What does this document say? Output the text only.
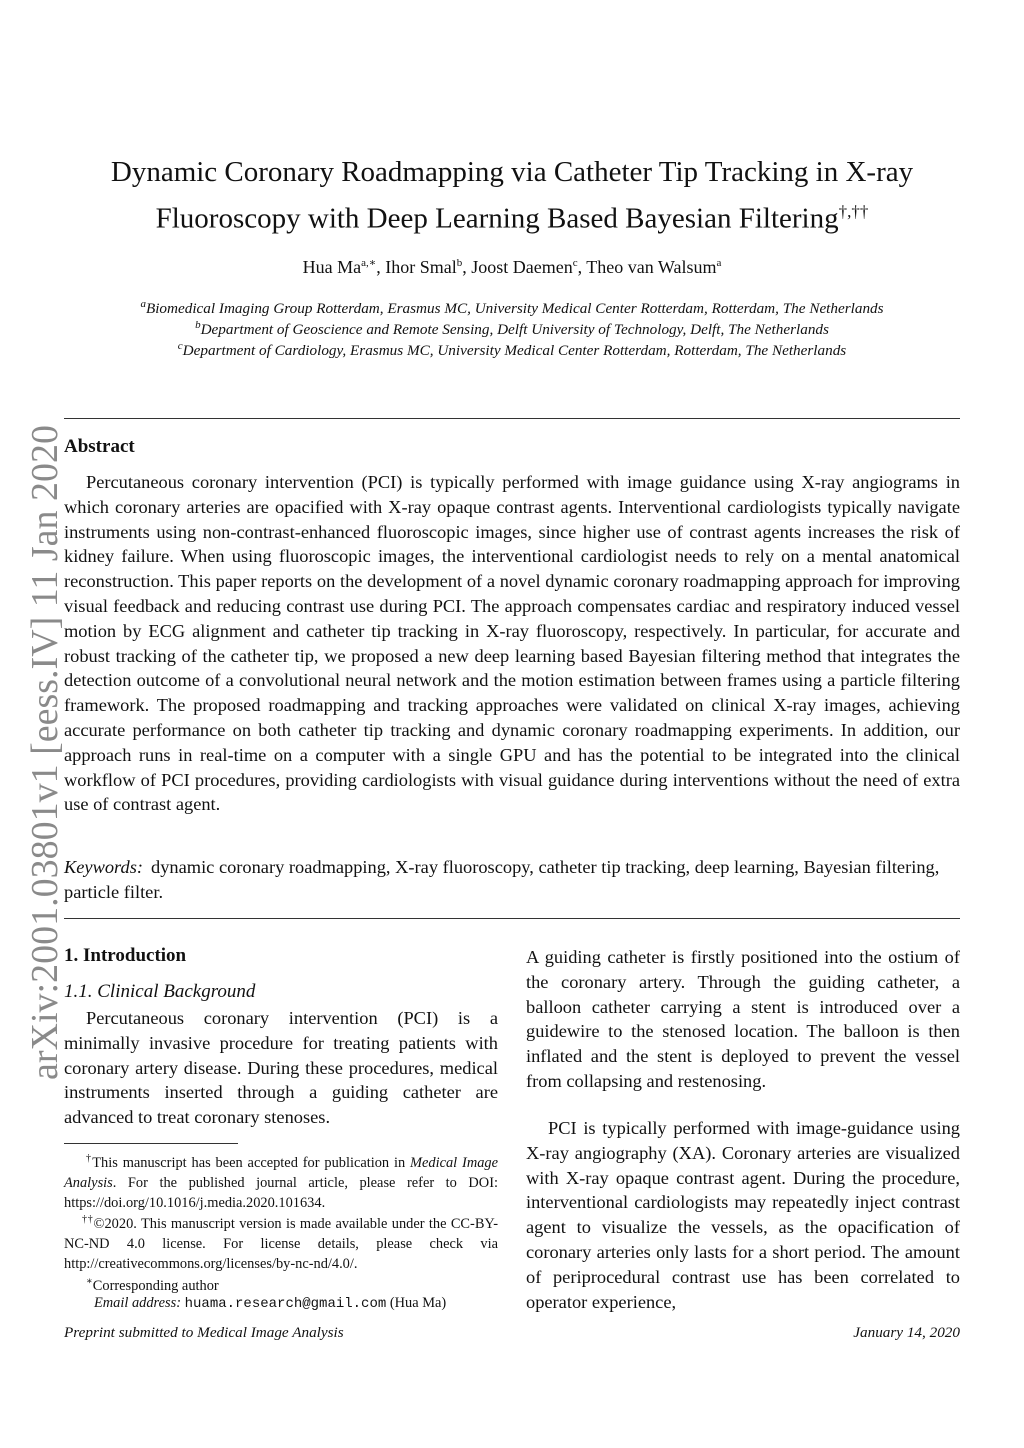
arXiv:2001.03801v1 [eess.IV] 11 Jan 2020
Dynamic Coronary Roadmapping via Catheter Tip Tracking in X-ray
Fluoroscopy with Deep Learning Based Bayesian Filtering†,††
Hua $Ma^{a,∗}$, Ihor Smal$^b$, Joost Daemen$^c$, Theo van Walsum$^a$
$^a$Biomedical Imaging Group Rotterdam, Erasmus MC, University Medical Center Rotterdam, Rotterdam, The Netherlands
$^b$Department of Geoscience and Remote Sensing, Delft University of Technology, Delft, The Netherlands
$^c$Department of Cardiology, Erasmus MC, University Medical Center Rotterdam, Rotterdam, The Netherlands
Abstract

Percutaneous coronary intervention (PCI) is typically performed with image guidance using X-ray angiograms in which coronary arteries are opacified with X-ray opaque contrast agents. Interventional cardiologists typically navigate instruments using non-contrast-enhanced fluoroscopic images, since higher use of contrast agents increases the risk of kidney failure. When using fluoroscopic images, the interventional cardiologist needs to rely on a mental anatomical reconstruction. This paper reports on the development of a novel dynamic coronary roadmapping approach for improving visual feedback and reducing contrast use during PCI. The approach compensates cardiac and respiratory induced vessel motion by ECG alignment and catheter tip tracking in X-ray fluoroscopy, respectively. In particular, for accurate and robust tracking of the catheter tip, we proposed a new deep learning based Bayesian filtering method that integrates the detection outcome of a convolutional neural network and the motion estimation between frames using a particle filtering framework. The proposed roadmapping and tracking approaches were validated on clinical X-ray images, achieving accurate performance on both catheter tip tracking and dynamic coronary roadmapping experiments. In addition, our approach runs in real-time on a computer with a single GPU and has the potential to be integrated into the clinical workflow of PCI procedures, providing cardiologists with visual guidance during interventions without the need of extra use of contrast agent.

Keywords: dynamic coronary roadmapping, X-ray fluoroscopy, catheter tip tracking, deep learning, Bayesian filtering, particle filter.

1. Introduction
1.1. Clinical Background

Percutaneous coronary intervention (PCI) is a minimally invasive procedure for treating patients with coronary artery disease. During these procedures, medical instruments inserted through a guiding catheter are advanced to treat coronary stenoses.

†This manuscript has been accepted for publication in Medical Image Analysis. For the published journal article, please refer to DOI: https://doi.org/10.1016/j.media.2020.101634.

††©2020. This manuscript version is made available under the CC-BY-NC-ND 4.0 license. For license details, please check via http://creativecommons.org/licenses/by-nc-nd/4.0/.

∗Corresponding author

Email address: huama.research@gmail.com (Hua Ma)

A guiding catheter is firstly positioned into the ostium of the coronary artery. Through the guiding catheter, a balloon catheter carrying a stent is introduced over a guidewire to the stenosed location. The balloon is then inflated and the stent is deployed to prevent the vessel from collapsing and restenosing.

PCI is typically performed with image-guidance using X-ray angiography (XA). Coronary arteries are visualized with X-ray opaque contrast agent. During the procedure, interventional cardiologists may repeatedly inject contrast agent to visualize the vessels, as the opacification of coronary arteries only lasts for a short period. The amount of periprocedural contrast use has been correlated to operator experience,

Preprint submitted to Medical Image Analysis	January 14, 2020
